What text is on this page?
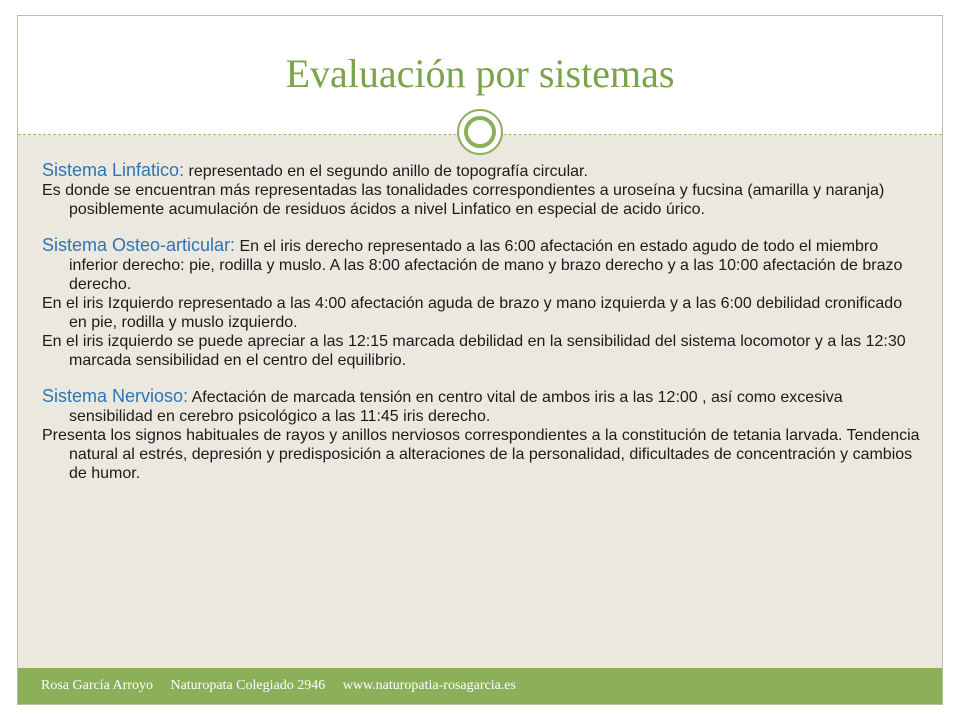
Evaluación por sistemas

Sistema Linfatico: representado en el segundo anillo de topografía circular.

Es donde se encuentran más representadas las tonalidades correspondientes a uroseína y fucsina (amarilla y naranja) posiblemente acumulación de residuos ácidos a nivel Linfatico en especial de acido úrico.

Sistema Osteo-articular: En el iris derecho representado a las 6:00 afectación en estado agudo de todo el miembro inferior derecho: pie, rodilla y muslo. A las 8:00 afectación de mano y brazo derecho y a las 10:00 afectación de brazo derecho.

En el iris Izquierdo representado a las 4:00 afectación aguda de brazo y mano izquierda y a las 6:00 debilidad cronificado en pie, rodilla y muslo izquierdo.

En el iris izquierdo se puede apreciar a las 12:15 marcada debilidad en la sensibilidad del sistema locomotor y a las 12:30 marcada sensibilidad en el centro del equilibrio.

Sistema Nervioso: Afectación de marcada tensión en centro vital de ambos iris a las 12:00 , así como excesiva sensibilidad en cerebro psicológico a las 11:45 iris derecho.

Presenta los signos habituales de rayos y anillos nerviosos correspondientes a la constitución de tetania larvada. Tendencia natural al estrés, depresión y predisposición a alteraciones de la personalidad, dificultades de concentración y cambios de humor.

Rosa García Arroyo Naturopata Colegiado 2946 www.naturopatia-rosagarcia.es
